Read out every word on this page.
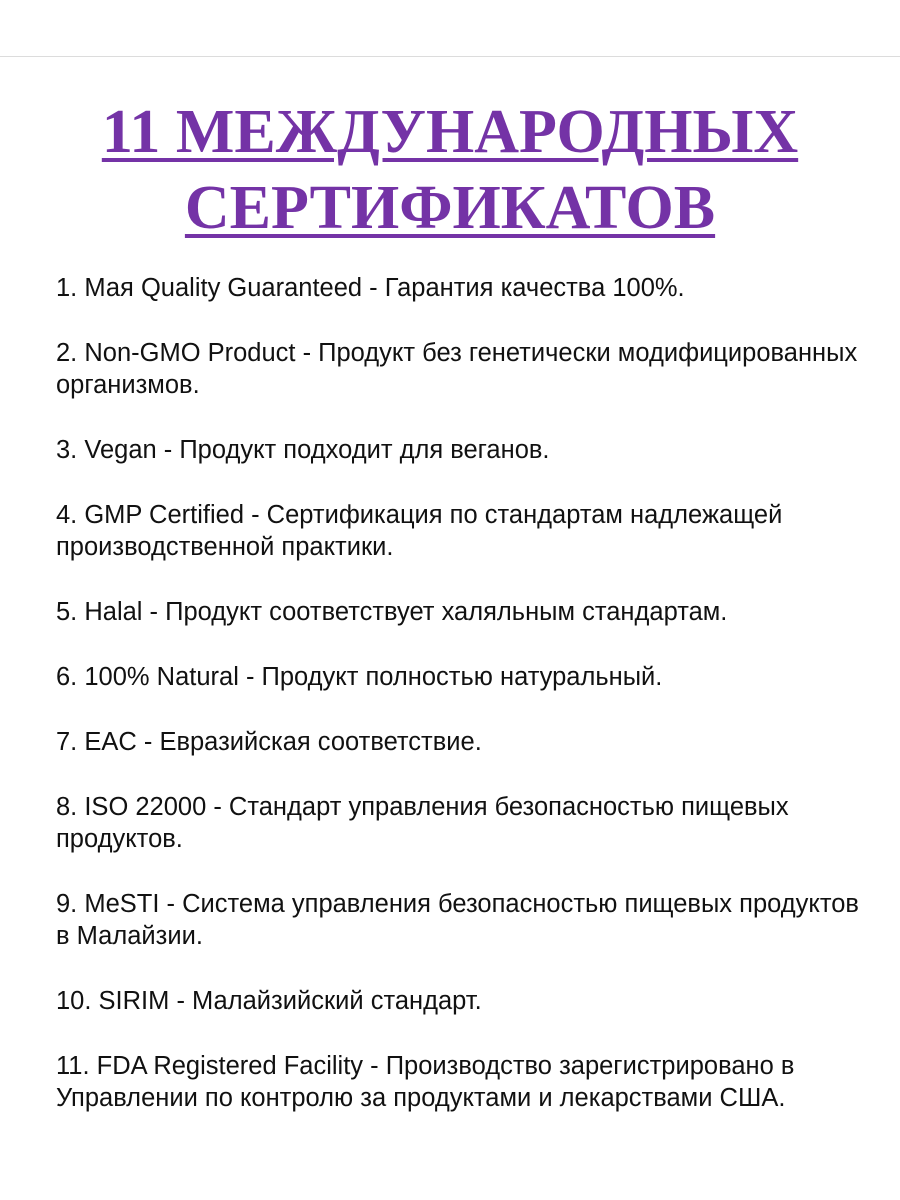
11 МЕЖДУНАРОДНЫХ
СЕРТИФИКАТОВ
1. Мая Quality Guaranteed - Гарантия качества 100%.
2. Non-GMO Product - Продукт без генетически модифицированных организмов.
3. Vegan - Продукт подходит для веганов.
4. GMP Certified - Сертификация по стандартам надлежащей производственной практики.
5. Halal - Продукт соответствует халяльным стандартам.
6. 100% Natural - Продукт полностью натуральный.
7. EAC - Евразийская соответствие.
8. ISO 22000 - Стандарт управления безопасностью пищевых продуктов.
9. MeSTI - Система управления безопасностью пищевых продуктов в Малайзии.
10. SIRIM - Малайзийский стандарт.
11. FDA Registered Facility - Производство зарегистрировано в Управлении по контролю за продуктами и лекарствами США.
